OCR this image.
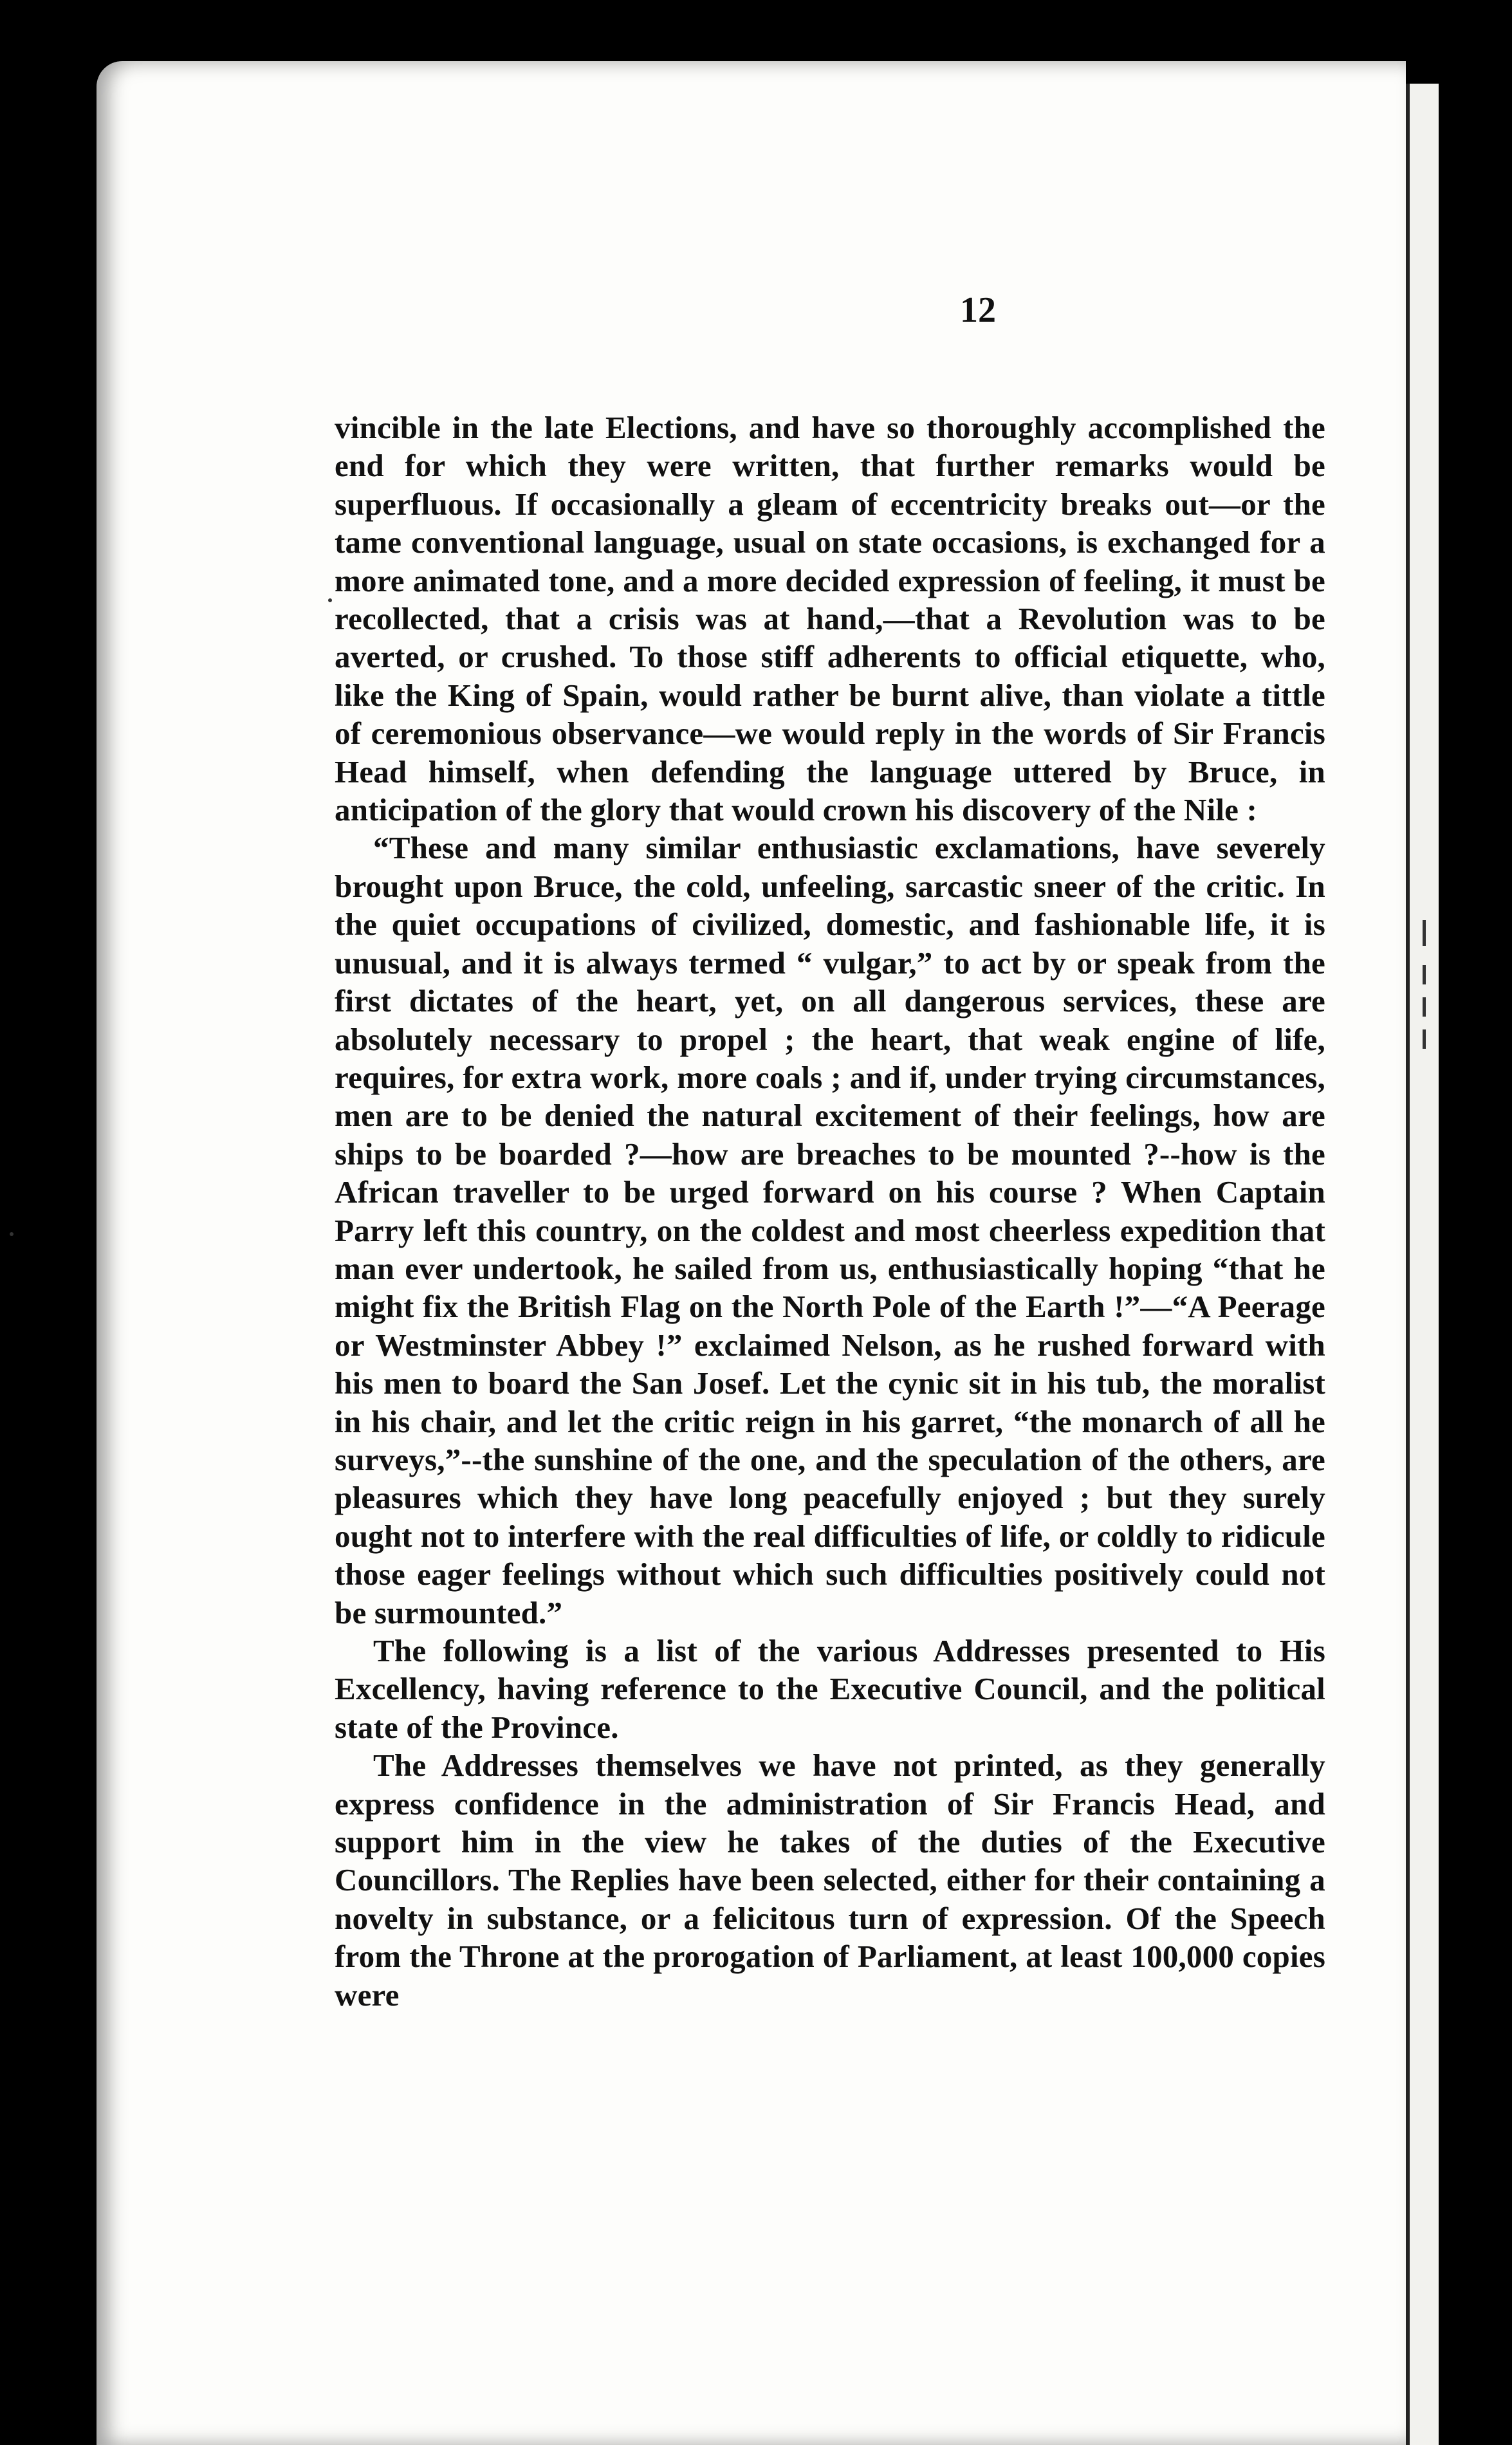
12

vincible in the late Elections, and have so thoroughly accomplished the end for which they were written, that further remarks would be superfluous. If occasionally a gleam of eccentricity breaks out—or the tame conventional language, usual on state occasions, is exchanged for a more animated tone, and a more decided expression of feeling, it must be recollected, that a crisis was at hand,—that a Revolution was to be averted, or crushed. To those stiff adherents to official etiquette, who, like the King of Spain, would rather be burnt alive, than violate a tittle of ceremonious observance—we would reply in the words of Sir Francis Head himself, when defending the language uttered by Bruce, in anticipation of the glory that would crown his discovery of the Nile :

“These and many similar enthusiastic exclamations, have severely brought upon Bruce, the cold, unfeeling, sarcastic sneer of the critic. In the quiet occupations of civilized, domestic, and fashionable life, it is unusual, and it is always termed “ vulgar,” to act by or speak from the first dictates of the heart, yet, on all dangerous services, these are absolutely necessary to propel ; the heart, that weak engine of life, requires, for extra work, more coals ; and if, under trying circumstances, men are to be denied the natural excitement of their feelings, how are ships to be boarded ?—how are breaches to be mounted ?--how is the African traveller to be urged forward on his course ? When Captain Parry left this country, on the coldest and most cheerless expedition that man ever undertook, he sailed from us, enthusiastically hoping “that he might fix the British Flag on the North Pole of the Earth !”—“A Peerage or Westminster Abbey !” exclaimed Nelson, as he rushed forward with his men to board the San Josef. Let the cynic sit in his tub, the moralist in his chair, and let the critic reign in his garret, “the monarch of all he surveys,”--the sunshine of the one, and the speculation of the others, are pleasures which they have long peacefully enjoyed ; but they surely ought not to interfere with the real difficulties of life, or coldly to ridicule those eager feelings without which such difficulties positively could not be surmounted.”

The following is a list of the various Addresses presented to His Excellency, having reference to the Executive Council, and the political state of the Province.

The Addresses themselves we have not printed, as they generally express confidence in the administration of Sir Francis Head, and support him in the view he takes of the duties of the Executive Councillors. The Replies have been selected, either for their containing a novelty in substance, or a felicitous turn of expression. Of the Speech from the Throne at the prorogation of Parliament, at least 100,000 copies were
